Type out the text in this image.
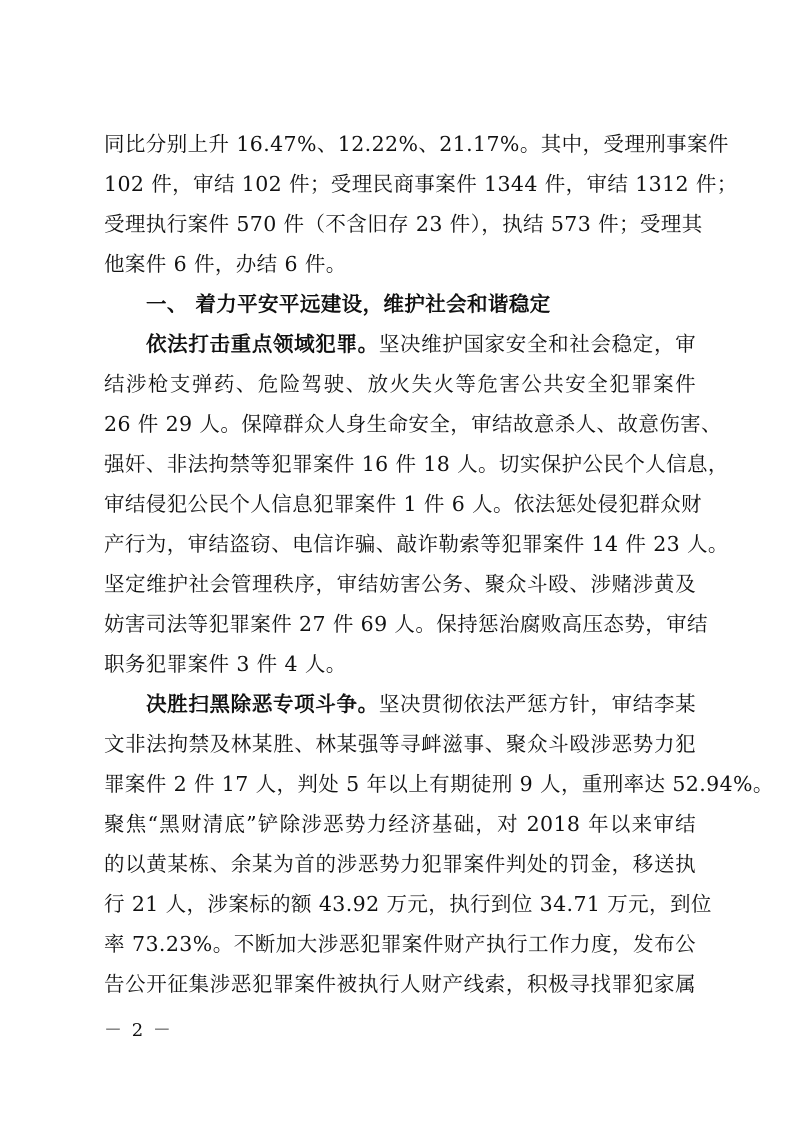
同比分别上升 16.47%、12.22%、21.17%。其中，受理刑事案件
102 件，审结 102 件；受理民商事案件 1344 件，审结 1312 件；
受理执行案件 570 件（不含旧存 23 件），执结 573 件；受理其
他案件 6 件，办结 6 件。
一、 着力平安平远建设，维护社会和谐稳定
依法打击重点领域犯罪。坚决维护国家安全和社会稳定，审
结涉枪支弹药、危险驾驶、放火失火等危害公共安全犯罪案件
26 件 29 人。保障群众人身生命安全，审结故意杀人、故意伤害、
强奸、非法拘禁等犯罪案件 16 件 18 人。切实保护公民个人信息，
审结侵犯公民个人信息犯罪案件 1 件 6 人。依法惩处侵犯群众财
产行为，审结盗窃、电信诈骗、敲诈勒索等犯罪案件 14 件 23 人。
坚定维护社会管理秩序，审结妨害公务、聚众斗殴、涉赌涉黄及
妨害司法等犯罪案件 27 件 69 人。保持惩治腐败高压态势，审结
职务犯罪案件 3 件 4 人。
决胜扫黑除恶专项斗争。坚决贯彻依法严惩方针，审结李某
文非法拘禁及林某胜、林某强等寻衅滋事、聚众斗殴涉恶势力犯
罪案件 2 件 17 人，判处 5 年以上有期徒刑 9 人，重刑率达 52.94%。
聚焦“黑财清底”铲除涉恶势力经济基础，对 2018 年以来审结
的以黄某栋、余某为首的涉恶势力犯罪案件判处的罚金，移送执
行 21 人，涉案标的额 43.92 万元，执行到位 34.71 万元，到位
率 73.23%。不断加大涉恶犯罪案件财产执行工作力度，发布公
告公开征集涉恶犯罪案件被执行人财产线索，积极寻找罪犯家属
－ 2 －
